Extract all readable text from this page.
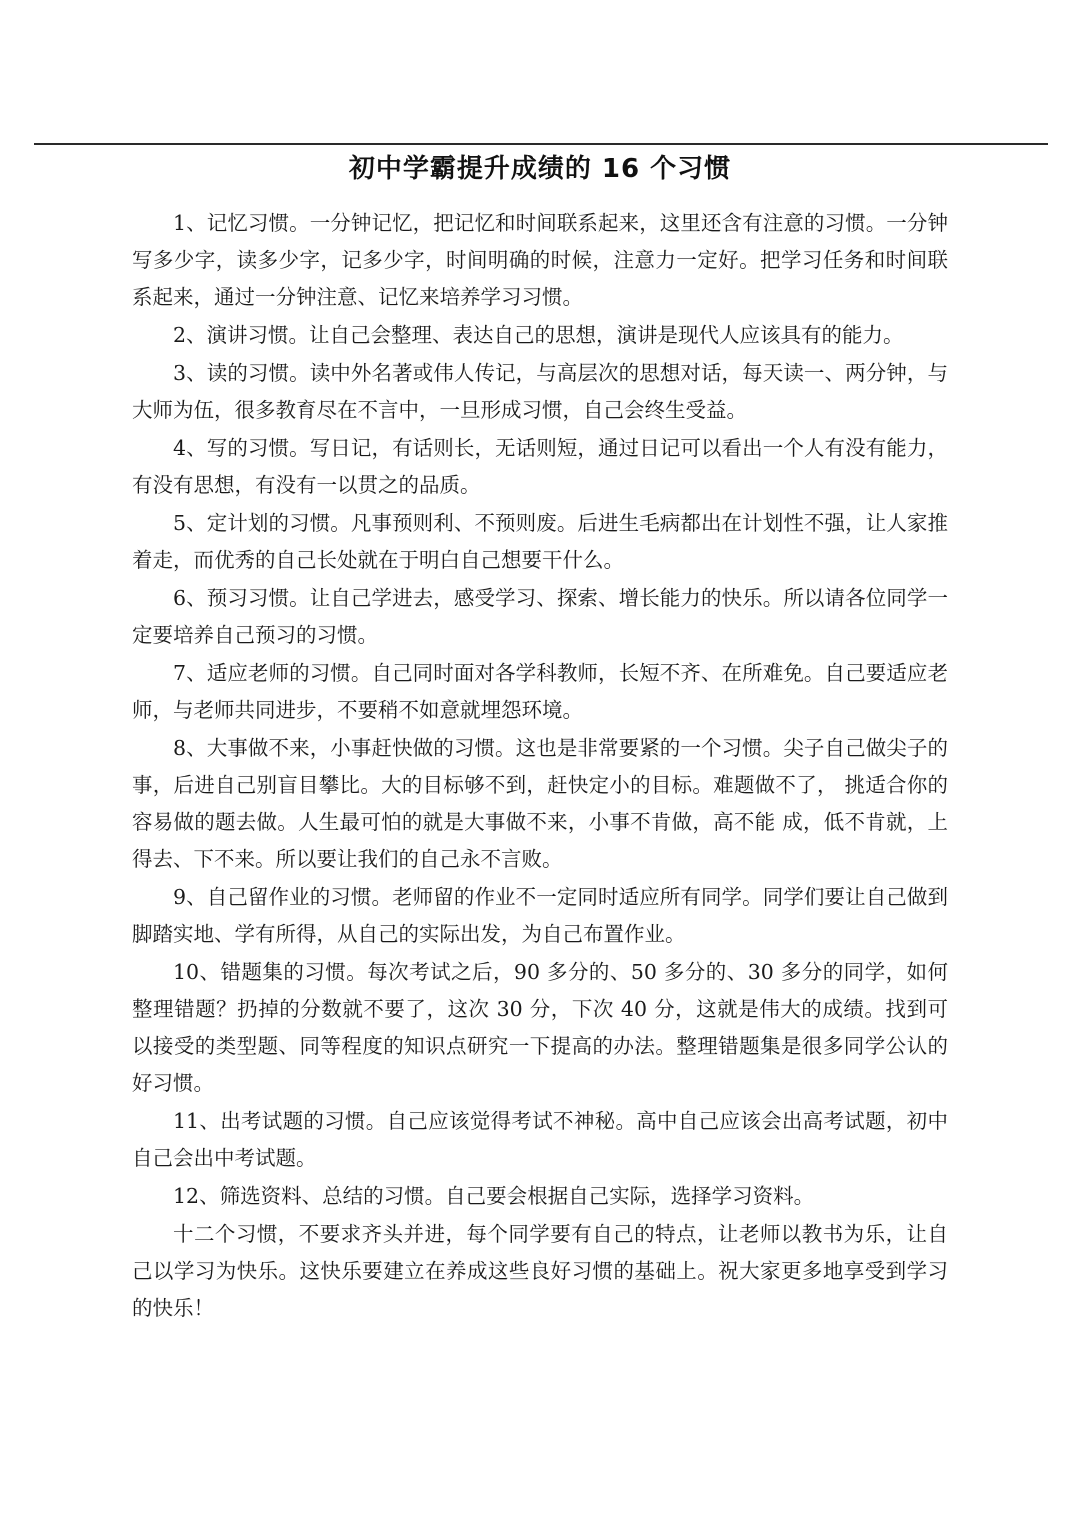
初中学霸提升成绩的 16 个习惯

1、记忆习惯。一分钟记忆，把记忆和时间联系起来，这里还含有注意的习惯。一分钟写多少字，读多少字，记多少字，时间明确的时候，注意力一定好。把学习任务和时间联系起来，通过一分钟注意、记忆来培养学习习惯。

2、演讲习惯。让自己会整理、表达自己的思想，演讲是现代人应该具有的能力。

3、读的习惯。读中外名著或伟人传记，与高层次的思想对话，每天读一、两分钟，与大师为伍，很多教育尽在不言中，一旦形成习惯，自己会终生受益。

4、写的习惯。写日记，有话则长，无话则短，通过日记可以看出一个人有没有能力，有没有思想，有没有一以贯之的品质。

5、定计划的习惯。凡事预则利、不预则废。后进生毛病都出在计划性不强，让人家推着走，而优秀的自己长处就在于明白自己想要干什么。

6、预习习惯。让自己学进去，感受学习、探索、增长能力的快乐。所以请各位同学一定要培养自己预习的习惯。

7、适应老师的习惯。自己同时面对各学科教师，长短不齐、在所难免。自己要适应老师，与老师共同进步，不要稍不如意就埋怨环境。

8、大事做不来，小事赶快做的习惯。这也是非常要紧的一个习惯。尖子自己做尖子的事，后进自己别盲目攀比。大的目标够不到，赶快定小的目标。难题做不了， 挑适合你的容易做的题去做。人生最可怕的就是大事做不来，小事不肯做，高不能 成，低不肯就，上得去、下不来。所以要让我们的自己永不言败。

9、自己留作业的习惯。老师留的作业不一定同时适应所有同学。同学们要让自己做到脚踏实地、学有所得，从自己的实际出发，为自己布置作业。

10、错题集的习惯。每次考试之后，90 多分的、50 多分的、30 多分的同学，如何整理错题？扔掉的分数就不要了，这次 30 分，下次 40 分，这就是伟大的成绩。找到可以接受的类型题、同等程度的知识点研究一下提高的办法。整理错题集是很多同学公认的好习惯。

11、出考试题的习惯。自己应该觉得考试不神秘。高中自己应该会出高考试题，初中自己会出中考试题。

12、筛选资料、总结的习惯。自己要会根据自己实际，选择学习资料。

十二个习惯，不要求齐头并进，每个同学要有自己的特点，让老师以教书为乐，让自己以学习为快乐。这快乐要建立在养成这些良好习惯的基础上。祝大家更多地享受到学习的快乐！
